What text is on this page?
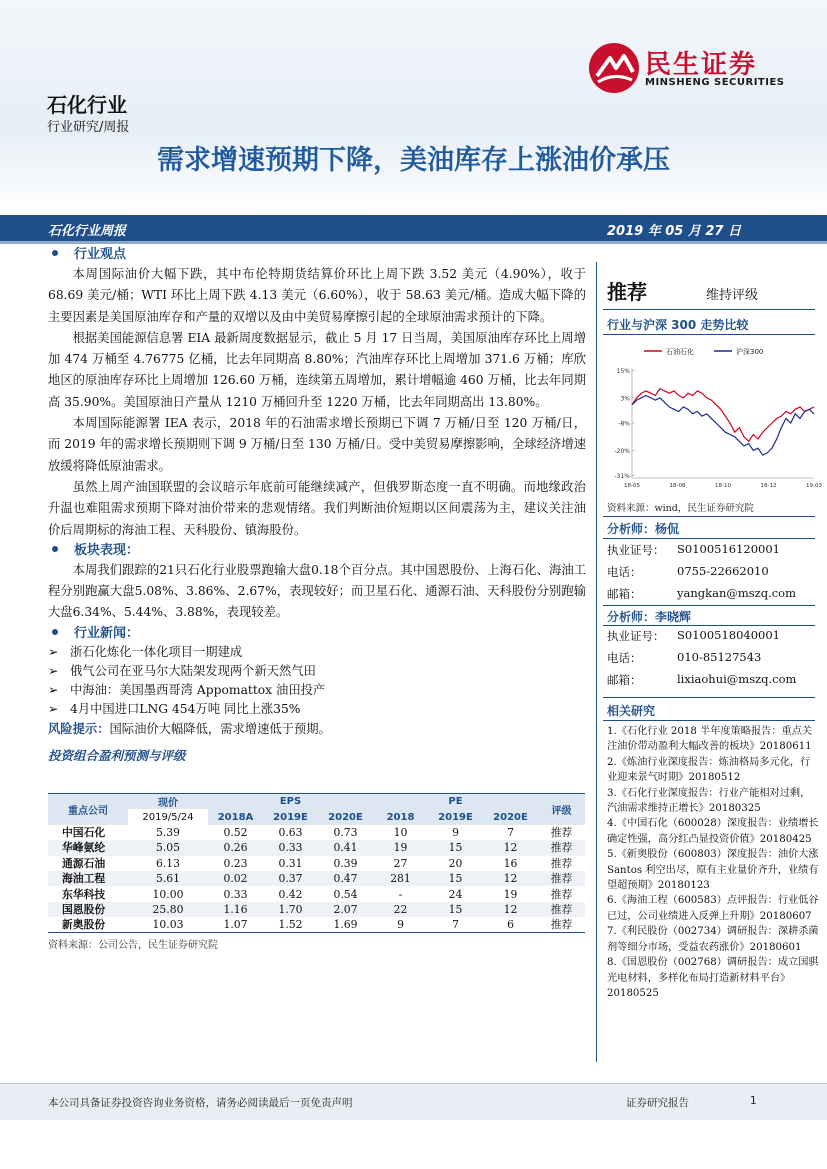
民生证券
MINSHENG SECURITIES
石化行业
行业研究/周报
需求增速预期下降，美油库存上涨油价承压
石化行业周报	2019 年 05 月 27 日
行业观点

本周国际油价大幅下跌，其中布伦特期货结算价环比上周下跌 3.52 美元（4.90%），收于 68.69 美元/桶；WTI 环比上周下跌 4.13 美元（6.60%），收于 58.63 美元/桶。造成大幅下降的主要因素是美国原油库存和产量的双增以及由中美贸易摩擦引起的全球原油需求预计的下降。

根据美国能源信息署 EIA 最新周度数据显示，截止 5 月 17 日当周，美国原油库存环比上周增加 474 万桶至 4.76775 亿桶，比去年同期高 8.80%；汽油库存环比上周增加 371.6 万桶；库欣地区的原油库存环比上周增加 126.60 万桶，连续第五周增加，累计增幅逾 460 万桶，比去年同期高 35.90%。美国原油日产量从 1210 万桶回升至 1220 万桶，比去年同期高出 13.80%。

本周国际能源署 IEA 表示，2018 年的石油需求增长预期已下调 7 万桶/日至 120 万桶/日，而 2019 年的需求增长预期则下调 9 万桶/日至 130 万桶/日。受中美贸易摩擦影响，全球经济增速放缓将降低原油需求。

虽然上周产油国联盟的会议暗示年底前可能继续减产，但俄罗斯态度一直不明确。而地缘政治升温也难阻需求预期下降对油价带来的悲观情绪。我们判断油价短期以区间震荡为主，建议关注油价后周期标的海油工程、天科股份、镇海股份。

板块表现：

本周我们跟踪的21只石化行业股票跑输大盘0.18个百分点。其中国恩股份、上海石化、海油工程分别跑赢大盘5.08%、3.86%、2.67%，表现较好；而卫星石化、通源石油、天科股份分别跑输大盘6.34%、5.44%、3.88%，表现较差。

行业新闻：

➢ 浙石化炼化一体化项目一期建成

➢ 俄气公司在亚马尔大陆架发现两个新天然气田

➢ 中海油：美国墨西哥湾 Appomattox 油田投产

➢ 4月中国进口LNG 454万吨 同比上涨35%

风险提示：国际油价大幅降低，需求增速低于预期。
投资组合盈利预测与评级
重点公司	现价	EPS			PE			评级
	2019/5/24	2018A	2019E	2020E	2018	2019E	2020E	
中国石化	5.39	0.52	0.63	0.73	10	9	7	推荐
华峰氨纶	5.05	0.26	0.33	0.41	19	15	12	推荐
通源石油	6.13	0.23	0.31	0.39	27	20	16	推荐
海油工程	5.61	0.02	0.37	0.47	281	15	12	推荐
东华科技	10.00	0.33	0.42	0.54	-	24	19	推荐
国恩股份	25.80	1.16	1.70	2.07	22	15	12	推荐
新奥股份	10.03	1.07	1.52	1.69	9	7	6	推荐
资料来源：公司公告，民生证券研究院
推荐	维持评级
行业与沪深 300 走势比较
石油石化	沪深300
15%
3%
-8%
-20%
-31%
18-05	18-08	18-10	18-12	19-03
资料来源：wind，民生证券研究院
分析师：杨侃
执业证号： S0100516120001
电话：	0755-22662010
邮箱：	yangkan@mszq.com
分析师：李晓辉
执业证号： S0100518040001
电话：	010-85127543
邮箱：	lixiaohui@mszq.com
相关研究
1.《石化行业 2018 半年度策略报告：重点关注油价带动盈利大幅改善的板块》20180611
2.《炼油行业深度报告：炼油格局多元化，行业迎来景气时期》20180512
3.《石化行业深度报告：行业产能相对过剩，汽油需求维持正增长》20180325
4.《中国石化（600028）深度报告：业绩增长确定性强，高分红凸显投资价值》20180425
5.《新奥股份（600803）深度报告：油价大涨 Santos 利空出尽，原有主业量价齐升，业绩有望超预期》20180123
6.《海油工程（600583）点评报告：行业低谷已过，公司业绩进入反弹上升期》20180607
7.《利民股份（002734）调研报告：深耕杀菌剂等细分市场，受益农药涨价》20180601
8.《国恩股份（002768）调研报告：成立国骐光电材料，多样化布局打造新材料平台》20180525
本公司具备证券投资咨询业务资格，请务必阅读最后一页免责声明	证券研究报告	1
